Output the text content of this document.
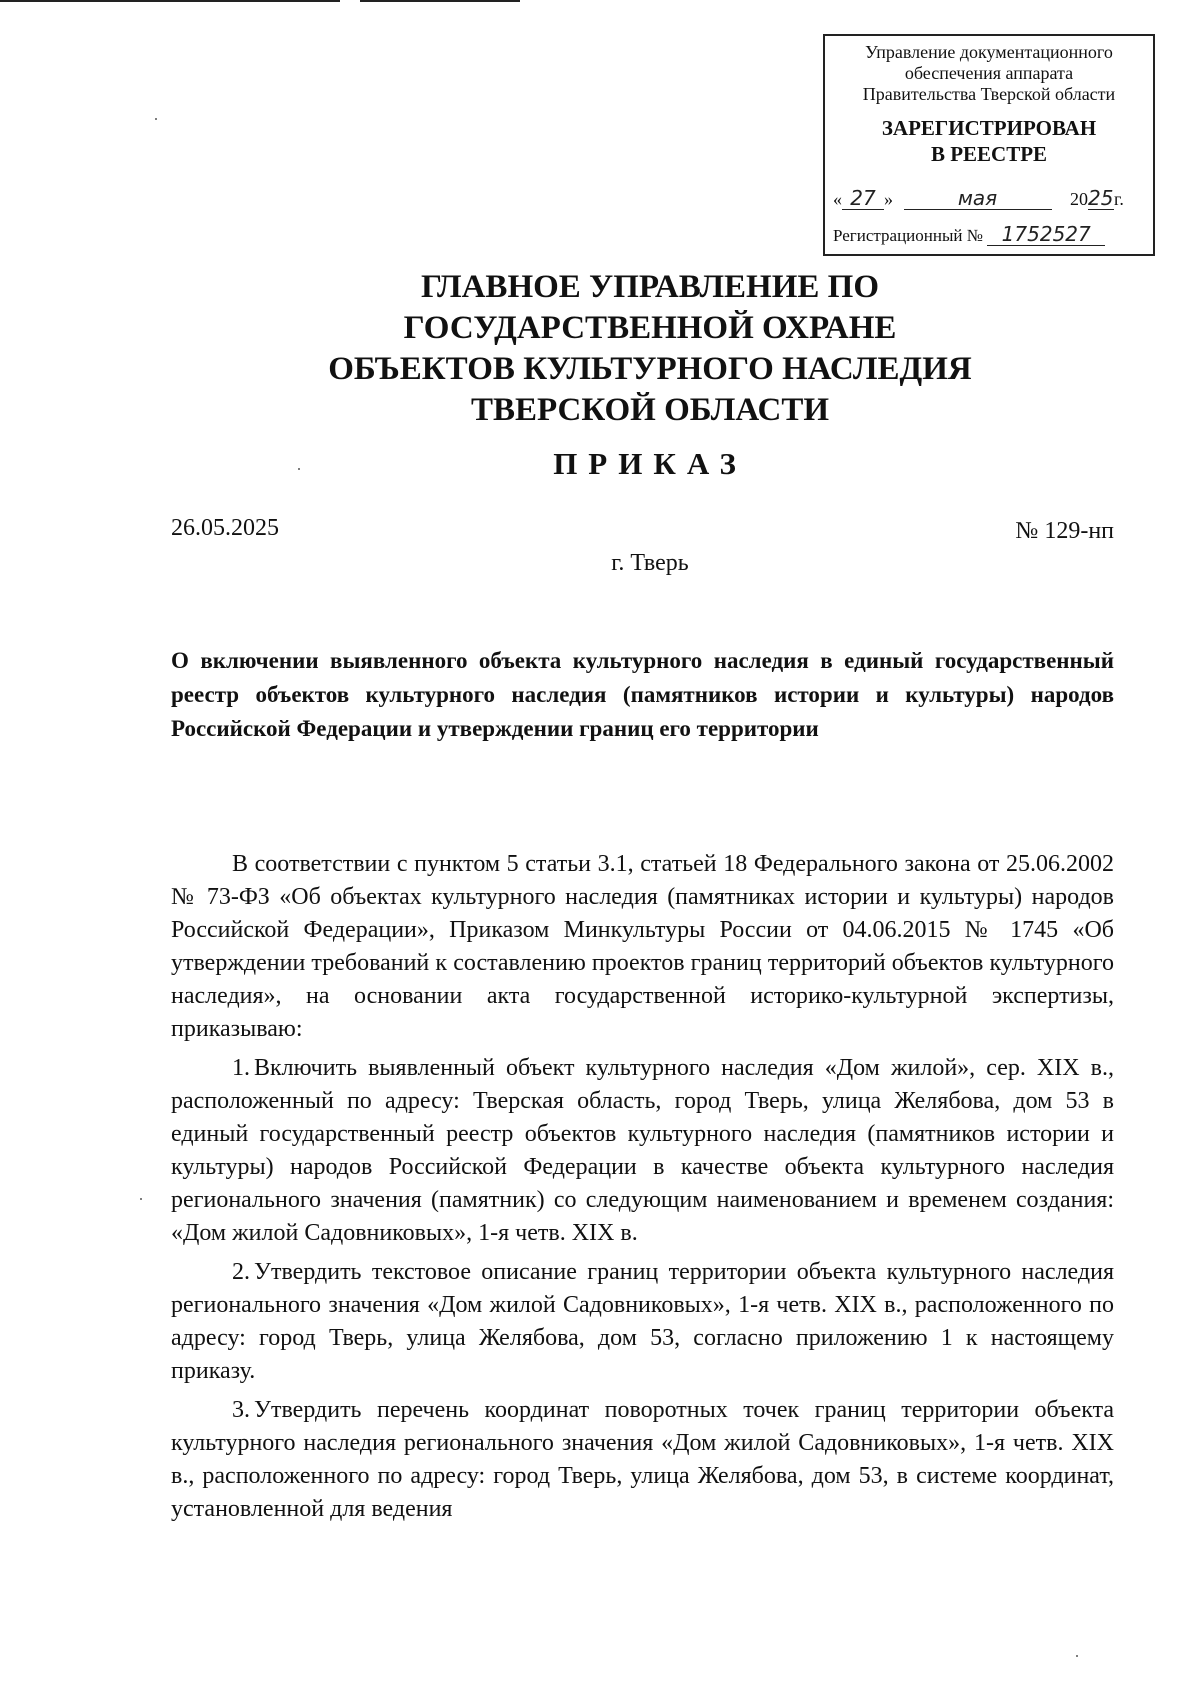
Управление документационного
обеспечения аппарата
Правительства Тверской области
ЗАРЕГИСТРИРОВАН
В РЕЕСТРЕ
« 27 »	мая	2025г.
Регистрационный № 1752527
ГЛАВНОЕ УПРАВЛЕНИЕ ПО
ГОСУДАРСТВЕННОЙ ОХРАНЕ
ОБЪЕКТОВ КУЛЬТУРНОГО НАСЛЕДИЯ
ТВЕРСКОЙ ОБЛАСТИ
ПРИКАЗ
26.05.2025	№ 129-нп
г. Тверь
О включении выявленного объекта культурного наследия в единый государственный реестр объектов культурного наследия (памятников истории и культуры) народов Российской Федерации и утверждении границ его территории

В соответствии с пунктом 5 статьи 3.1, статьей 18 Федерального закона от 25.06.2002 № 73-ФЗ «Об объектах культурного наследия (памятниках истории и культуры) народов Российской Федерации», Приказом Минкультуры России от 04.06.2015 № 1745 «Об утверждении требований к составлению проектов границ территорий объектов культурного наследия», на основании акта государственной историко-культурной экспертизы, приказываю:

1. Включить выявленный объект культурного наследия «Дом жилой», сер. XIX в., расположенный по адресу: Тверская область, город Тверь, улица Желябова, дом 53 в единый государственный реестр объектов культурного наследия (памятников истории и культуры) народов Российской Федерации в качестве объекта культурного наследия регионального значения (памятник) со следующим наименованием и временем создания: «Дом жилой Садовниковых», 1-я четв. XIX в.

2. Утвердить текстовое описание границ территории объекта культурного наследия регионального значения «Дом жилой Садовниковых», 1-я четв. XIX в., расположенного по адресу: город Тверь, улица Желябова, дом 53, согласно приложению 1 к настоящему приказу.

3. Утвердить перечень координат поворотных точек границ территории объекта культурного наследия регионального значения «Дом жилой Садовниковых», 1-я четв. XIX в., расположенного по адресу: город Тверь, улица Желябова, дом 53, в системе координат, установленной для ведения
